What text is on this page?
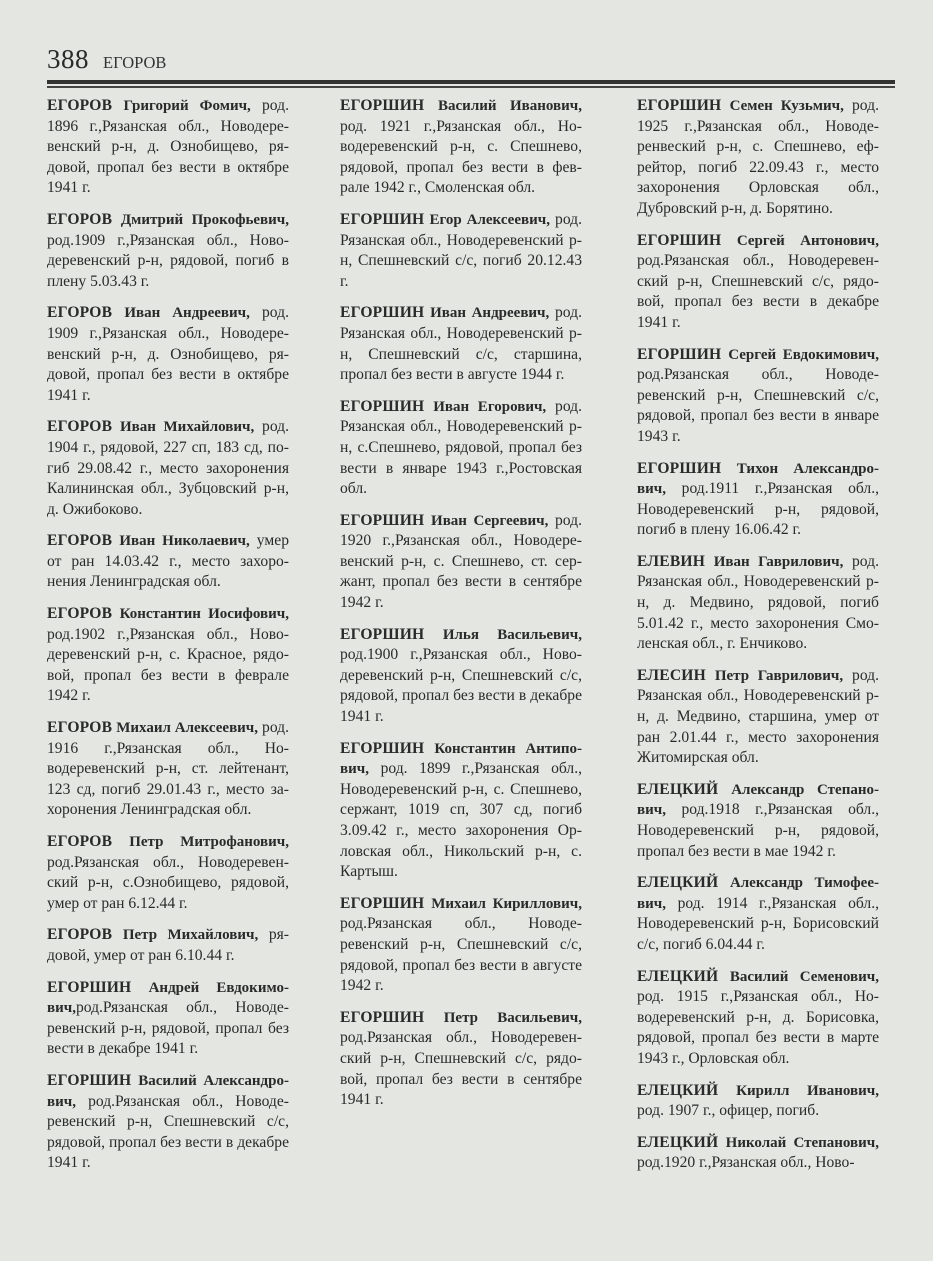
388 ЕГОРОВ

ЕГОРОВ Григорий Фомич, род. 1896 г.,Рязанская обл., Новодеревенский р-н, д. Ознобищево, рядовой, пропал без вести в октябре 1941 г.

ЕГОРОВ Дмитрий Прокофьевич, род.1909 г.,Рязанская обл., Новодеревенский р-н, рядовой, погиб в плену 5.03.43 г.

ЕГОРОВ Иван Андреевич, род. 1909 г.,Рязанская обл., Новодеревенский р-н, д. Ознобищево, рядовой, пропал без вести в октябре 1941 г.

ЕГОРОВ Иван Михайлович, род. 1904 г., рядовой, 227 сп, 183 сд, погиб 29.08.42 г., место захоронения Калининская обл., Зубцовский р-н, д. Ожибоково.

ЕГОРОВ Иван Николаевич, умер от ран 14.03.42 г., место захоронения Ленинградская обл.

ЕГОРОВ Константин Иосифович, род.1902 г.,Рязанская обл., Новодеревенский р-н, с. Красное, рядовой, пропал без вести в феврале 1942 г.

ЕГОРОВ Михаил Алексеевич, род. 1916 г.,Рязанская обл., Новодеревенский р-н, ст. лейтенант, 123 сд, погиб 29.01.43 г., место захоронения Ленинградская обл.

ЕГОРОВ Петр Митрофанович, род.Рязанская обл., Новодеревенский р-н, с.Ознобищево, рядовой, умер от ран 6.12.44 г.

ЕГОРОВ Петр Михайлович, рядовой, умер от ран 6.10.44 г.

ЕГОРШИН Андрей Евдокимович,род.Рязанская обл., Новодеревенский р-н, рядовой, пропал без вести в декабре 1941 г.

ЕГОРШИН Василий Александрович, род.Рязанская обл., Новодеревенский р-н, Спешневский с/с, рядовой, пропал без вести в декабре 1941 г.

ЕГОРШИН Василий Иванович, род. 1921 г.,Рязанская обл., Новодеревенский р-н, с. Спешнево, рядовой, пропал без вести в феврале 1942 г., Смоленская обл.

ЕГОРШИН Егор Алексеевич, род. Рязанская обл., Новодеревенский р-н, Спешневский с/с, погиб 20.12.43 г.

ЕГОРШИН Иван Андреевич, род. Рязанская обл., Новодеревенский р-н, Спешневский с/с, старшина, пропал без вести в августе 1944 г.

ЕГОРШИН Иван Егорович, род. Рязанская обл., Новодеревенский р-н, с.Спешнево, рядовой, пропал без вести в январе 1943 г.,Ростовская обл.

ЕГОРШИН Иван Сергеевич, род. 1920 г.,Рязанская обл., Новодеревенский р-н, с. Спешнево, ст. сержант, пропал без вести в сентябре 1942 г.

ЕГОРШИН Илья Васильевич, род.1900 г.,Рязанская обл., Новодеревенский р-н, Спешневский с/с, рядовой, пропал без вести в декабре 1941 г.

ЕГОРШИН Константин Антипович, род. 1899 г.,Рязанская обл., Новодеревенский р-н, с. Спешнево, сержант, 1019 сп, 307 сд, погиб 3.09.42 г., место захоронения Орловская обл., Никольский р-н, с. Картыш.

ЕГОРШИН Михаил Кириллович, род.Рязанская обл., Новодеревенский р-н, Спешневский с/с, рядовой, пропал без вести в августе 1942 г.

ЕГОРШИН Петр Васильевич, род.Рязанская обл., Новодеревенский р-н, Спешневский с/с, рядовой, пропал без вести в сентябре 1941 г.

ЕГОРШИН Семен Кузьмич, род. 1925 г.,Рязанская обл., Новодеренвеский р-н, с. Спешнево, ефрейтор, погиб 22.09.43 г., место захоронения Орловская обл., Дубровский р-н, д. Борятино.

ЕГОРШИН Сергей Антонович, род.Рязанская обл., Новодеревенский р-н, Спешневский с/с, рядовой, пропал без вести в декабре 1941 г.

ЕГОРШИН Сергей Евдокимович, род.Рязанская обл., Новодеревенский р-н, Спешневский с/с, рядовой, пропал без вести в январе 1943 г.

ЕГОРШИН Тихон Александрович, род.1911 г.,Рязанская обл., Новодеревенский р-н, рядовой, погиб в плену 16.06.42 г.

ЕЛЕВИН Иван Гаврилович, род. Рязанская обл., Новодеревенский р-н, д. Медвино, рядовой, погиб 5.01.42 г., место захоронения Смоленская обл., г. Енчиково.

ЕЛЕСИН Петр Гаврилович, род. Рязанская обл., Новодеревенский р-н, д. Медвино, старшина, умер от ран 2.01.44 г., место захоронения Житомирская обл.

ЕЛЕЦКИЙ Александр Степанович, род.1918 г.,Рязанская обл., Новодеревенский р-н, рядовой, пропал без вести в мае 1942 г.

ЕЛЕЦКИЙ Александр Тимофеевич, род. 1914 г.,Рязанская обл., Новодеревенский р-н, Борисовский с/с, погиб 6.04.44 г.

ЕЛЕЦКИЙ Василий Семенович, род. 1915 г.,Рязанская обл., Новодеревенский р-н, д. Борисовка, рядовой, пропал без вести в марте 1943 г., Орловская обл.

ЕЛЕЦКИЙ Кирилл Иванович, род. 1907 г., офицер, погиб.

ЕЛЕЦКИЙ Николай Степанович, род.1920 г.,Рязанская обл., Ново-
